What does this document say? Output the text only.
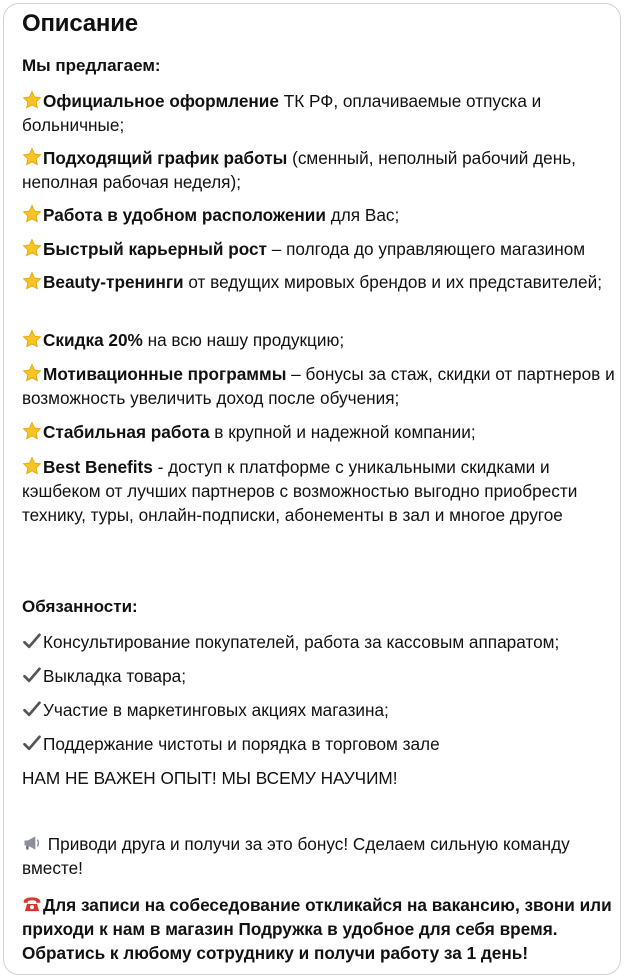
Описание
Мы предлагаем:
Официальное оформление ТК РФ, оплачиваемые отпуска и больничные;
Подходящий график работы (сменный, неполный рабочий день, неполная рабочая неделя);
Работа в удобном расположении для Вас;
Быстрый карьерный рост – полгода до управляющего магазином
Beauty-тренинги от ведущих мировых брендов и их представителей;
Скидка 20% на всю нашу продукцию;
Мотивационные программы – бонусы за стаж, скидки от партнеров и возможность увеличить доход после обучения;
Стабильная работа в крупной и надежной компании;
Best Benefits - доступ к платформе с уникальными скидками и кэшбеком от лучших партнеров с возможностью выгодно приобрести технику, туры, онлайн-подписки, абонементы в зал и многое другое
Обязанности:
Консультирование покупателей, работа за кассовым аппаратом;
Выкладка товара;
Участие в маркетинговых акциях магазина;
Поддержание чистоты и порядка в торговом зале
НАМ НЕ ВАЖЕН ОПЫТ! МЫ ВСЕМУ НАУЧИМ!
Приводи друга и получи за это бонус! Сделаем сильную команду вместе!
Для записи на собеседование откликайся на вакансию, звони или приходи к нам в магазин Подружка в удобное для себя время. Обратись к любому сотруднику и получи работу за 1 день!
